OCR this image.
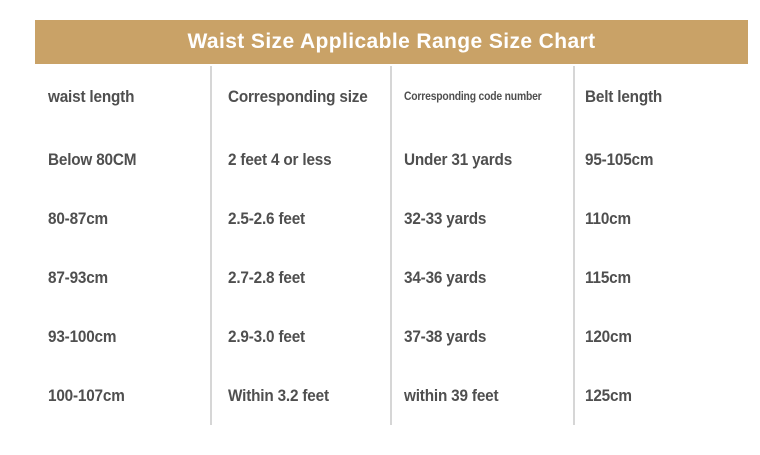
Waist Size Applicable Range Size Chart
waist length	Corresponding size	Corresponding code number	Belt length
Below 80CM	2 feet 4 or less	Under 31 yards	95-105cm
80-87cm	2.5-2.6 feet	32-33 yards	110cm
87-93cm	2.7-2.8 feet	34-36 yards	115cm
93-100cm	2.9-3.0 feet	37-38 yards	120cm
100-107cm	Within 3.2 feet	within 39 feet	125cm
